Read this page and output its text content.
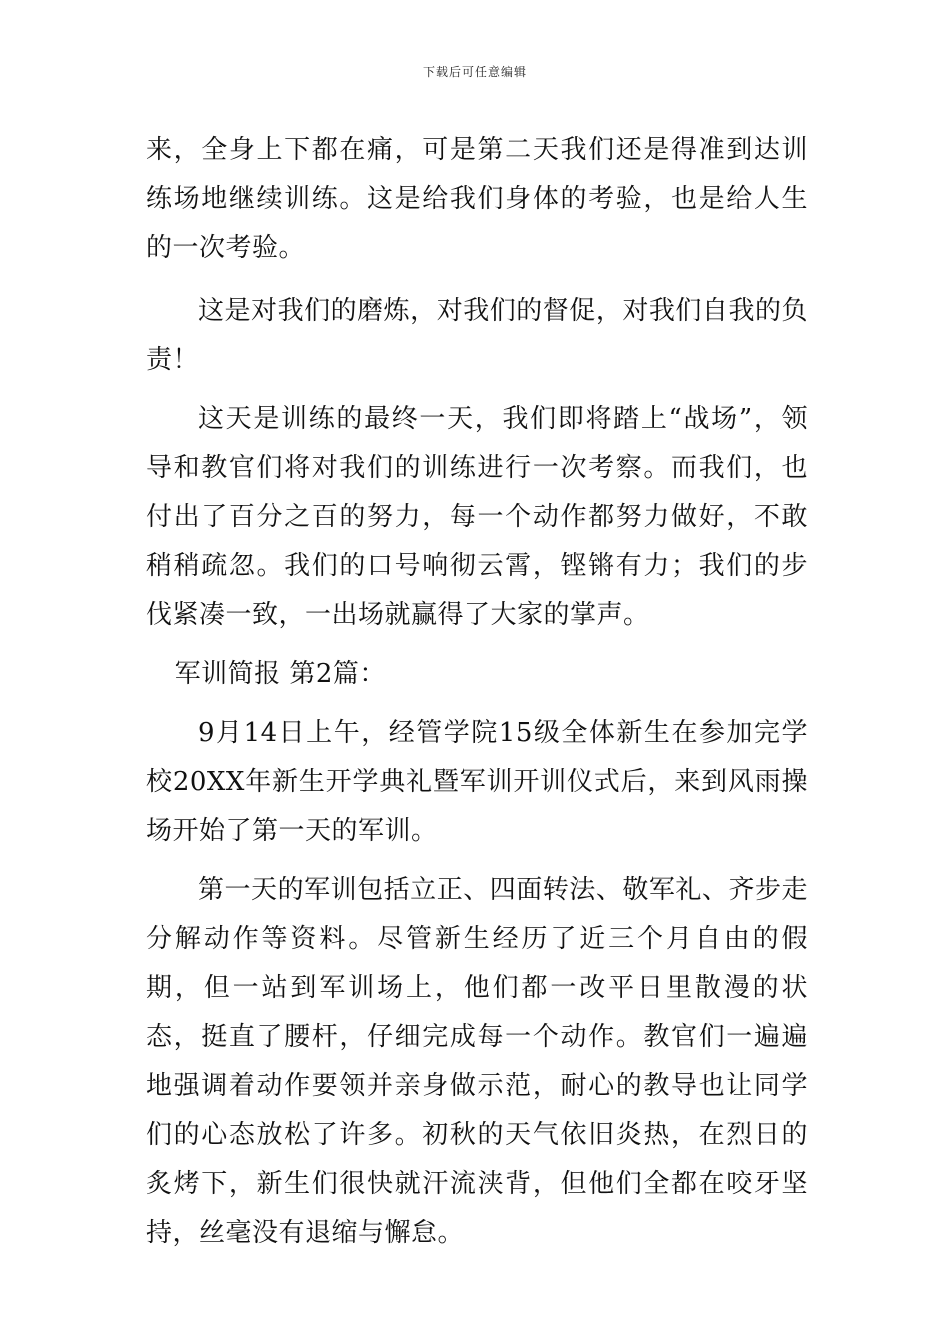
下载后可任意编辑

来，全身上下都在痛，可是第二天我们还是得准到达训练场地继续训练。这是给我们身体的考验，也是给人生的一次考验。

这是对我们的磨炼，对我们的督促，对我们自我的负责！

这天是训练的最终一天，我们即将踏上“战场”，领导和教官们将对我们的训练进行一次考察。而我们，也付出了百分之百的努力，每一个动作都努力做好，不敢稍稍疏忽。我们的口号响彻云霄，铿锵有力；我们的步伐紧凑一致，一出场就赢得了大家的掌声。

军训简报 第2篇：

9月14日上午，经管学院15级全体新生在参加完学校20XX年新生开学典礼暨军训开训仪式后，来到风雨操场开始了第一天的军训。

第一天的军训包括立正、四面转法、敬军礼、齐步走分解动作等资料。尽管新生经历了近三个月自由的假期，但一站到军训场上，他们都一改平日里散漫的状态，挺直了腰杆，仔细完成每一个动作。教官们一遍遍地强调着动作要领并亲身做示范，耐心的教导也让同学们的心态放松了许多。初秋的天气依旧炎热，在烈日的炙烤下，新生们很快就汗流浃背，但他们全都在咬牙坚持，丝毫没有退缩与懈怠。
